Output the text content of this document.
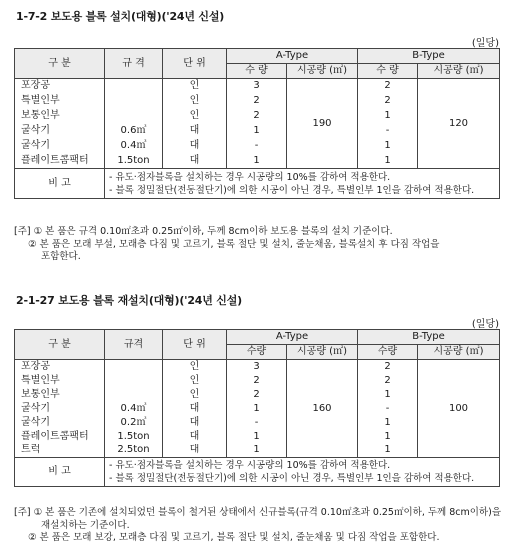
1-7-2 보도용 블록 설치(대형)('24년 신설)
(일당)
구 분	규 격	단 위	A-Type		B-Type	
			수 량	시공량 (㎡)	수 량	시공량 (㎡)

포장공		인	3	190	2	120

특별인부		인	2		2	

보통인부		인	2		1	

굴삭기	0.6㎥	대	1		-	

굴삭기	0.4㎥	대	-		1	

플레이트콤팩터	1.5ton	대	1		1	
비 고	- 유도·점자블록을 설치하는 경우 시공량의 10%를 감하여 적용한다.
- 블록 정밀절단(전동절단기)에 의한 시공이 아닌 경우, 특별인부 1인을 감하여 적용한다.					
[주] ① 본 품은 규격 0.10㎡초과 0.25㎡이하, 두께 8cm이하 보도용 블록의 설치 기준이다.
② 본 품은 모래 부설, 모래층 다짐 및 고르기, 블록 절단 및 설치, 줄눈채움, 블록설치 후 다짐 작업을
포함한다.
2-1-27 보도용 블록 재설치(대형)('24년 신설)
(일당)
구 분	규격	단 위	A-Type		B-Type	
			수량	시공량 (㎡)	수량	시공량 (㎡)

포장공		인	3	160	2	100

특별인부		인	2		2	

보통인부		인	2		1	

굴삭기	0.4㎥	대	1		-	

굴삭기	0.2㎥	대	-		1	

플레이트콤팩터	1.5ton	대	1		1	

트럭	2.5ton	대	1		1	
비 고	- 유도·점자블록을 설치하는 경우 시공량의 10%를 감하여 적용한다.
- 블록 정밀절단(전동절단기)에 의한 시공이 아닌 경우, 특별인부 1인을 감하여 적용한다.					
[주] ① 본 품은 기존에 설치되었던 블록이 철거된 상태에서 신규블록(규격 0.10㎡초과 0.25㎡이하, 두께 8cm이하)을
재설치하는 기준이다.
② 본 품은 모래 보강, 모래층 다짐 및 고르기, 블록 절단 및 설치, 줄눈채움 및 다짐 작업을 포함한다.
